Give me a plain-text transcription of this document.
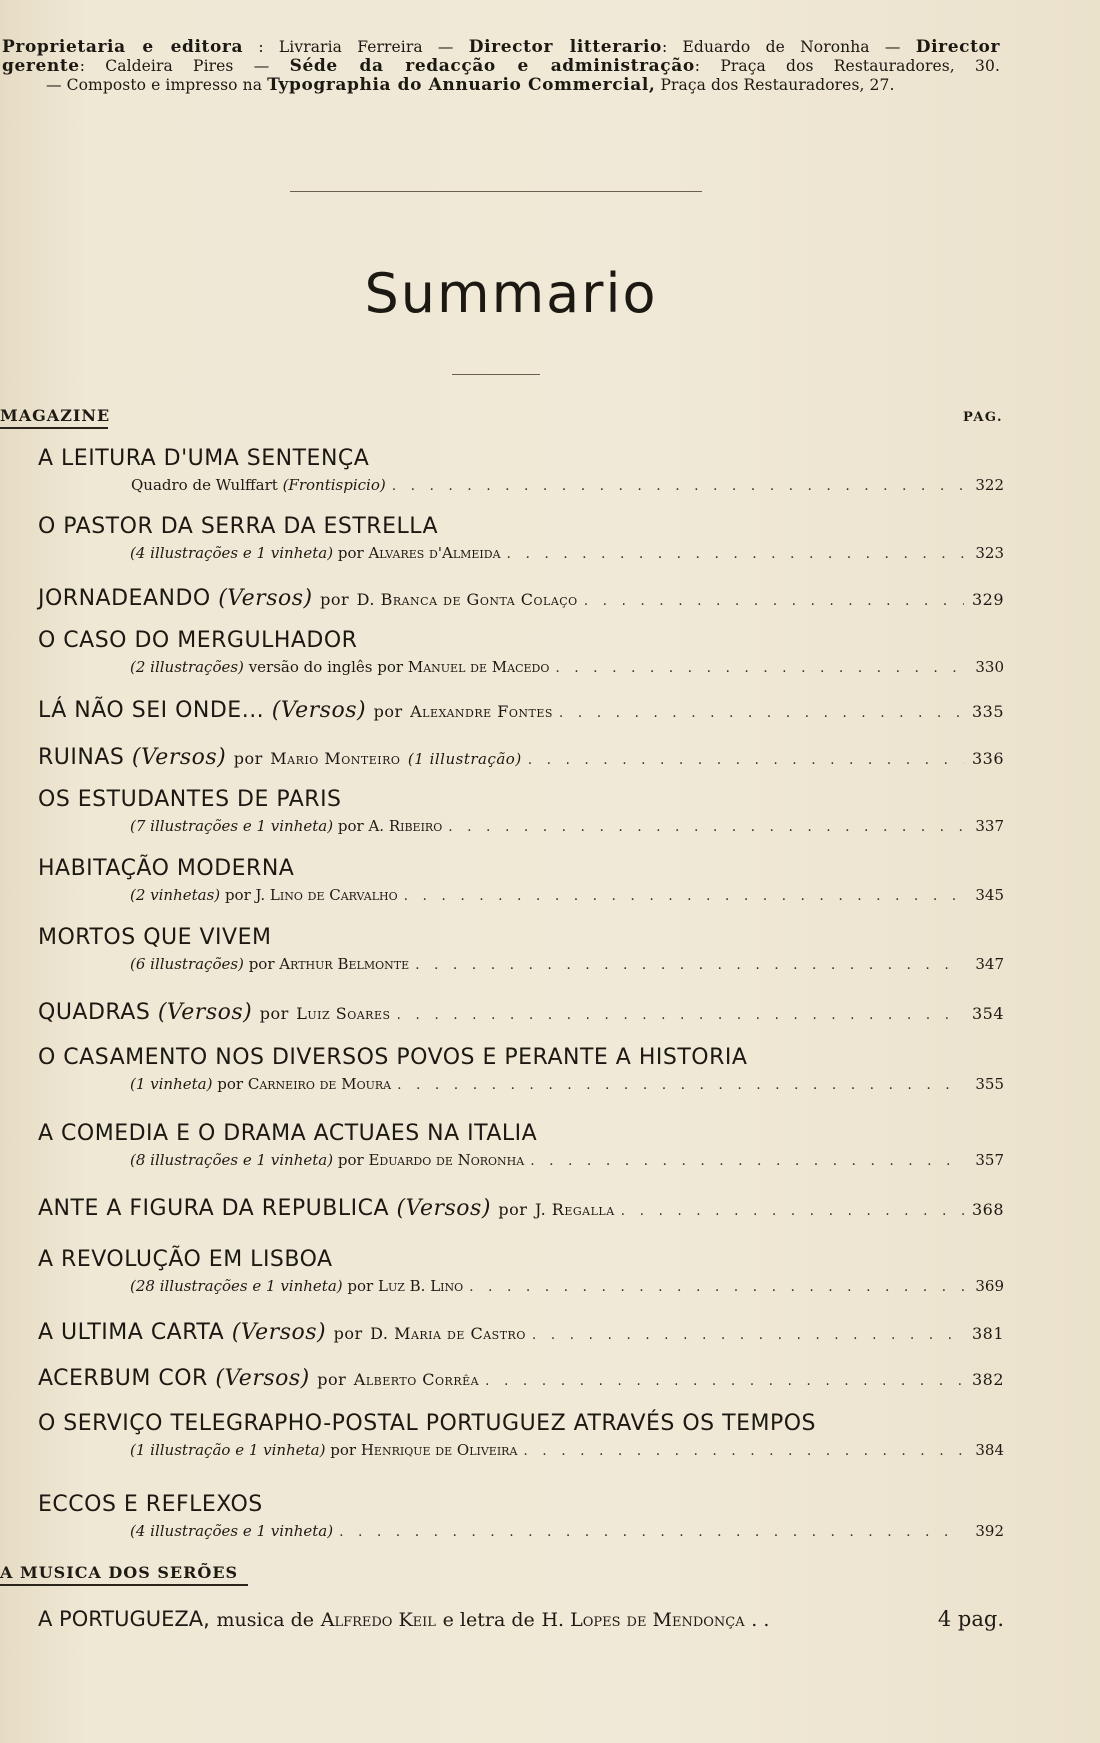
Proprietaria e editora : Livraria Ferreira — Director litterario: Eduardo de Noronha — Director
gerente: Caldeira Pires — Séde da redacção e administração: Praça dos Restauradores, 30.
— Composto e impresso na Typographia do Annuario Commercial, Praça dos Restauradores, 27.
Summario
MAGAZINE	PAG.
A LEITURA D'UMA SENTENÇA
Quadro de Wulffart (Frontispicio) . . .	322
O PASTOR DA SERRA DA ESTRELLA
(4 illustrações e 1 vinheta) por Alvares d'Almeida . . .	323
JORNADEANDO (Versos) por D. Branca de Gonta Colaço . . .	329
O CASO DO MERGULHADOR
(2 illustrações) versão do inglês por Manuel de Macedo . . .	330
LÁ NÃO SEI ONDE... (Versos) por Alexandre Fontes . . .	335
RUINAS (Versos) por Mario Monteiro (1 illustração) . . .	336
OS ESTUDANTES DE PARIS
(7 illustrações e 1 vinheta) por A. Ribeiro . . .	337
HABITAÇÃO MODERNA
(2 vinhetas) por J. Lino de Carvalho . . .	345
MORTOS QUE VIVEM
(6 illustrações) por Arthur Belmonte . . .	347
QUADRAS (Versos) por Luiz Soares . . .	354
O CASAMENTO NOS DIVERSOS POVOS E PERANTE A HISTORIA
(1 vinheta) por Carneiro de Moura . . .	355
A COMEDIA E O DRAMA ACTUAES NA ITALIA
(8 illustrações e 1 vinheta) por Eduardo de Noronha . . .	357
ANTE A FIGURA DA REPUBLICA (Versos) por J. Regalla . . .	368
A REVOLUÇÃO EM LISBOA
(28 illustrações e 1 vinheta) por Luz B. Lino . . .	369
A ULTIMA CARTA (Versos) por D. Maria de Castro . . .	381
ACERBUM COR (Versos) por Alberto Corrêa . . .	382
O SERVIÇO TELEGRAPHO-POSTAL PORTUGUEZ ATRAVÉS OS TEMPOS
(1 illustração e 1 vinheta) por Henrique de Oliveira . . .	384
ECCOS E REFLEXOS
(4 illustrações e 1 vinheta) . . .	392
A MUSICA DOS SERÕES
A PORTUGUEZA, musica de Alfredo Keil e letra de H. Lopes de Mendonça . .	4 pag.
